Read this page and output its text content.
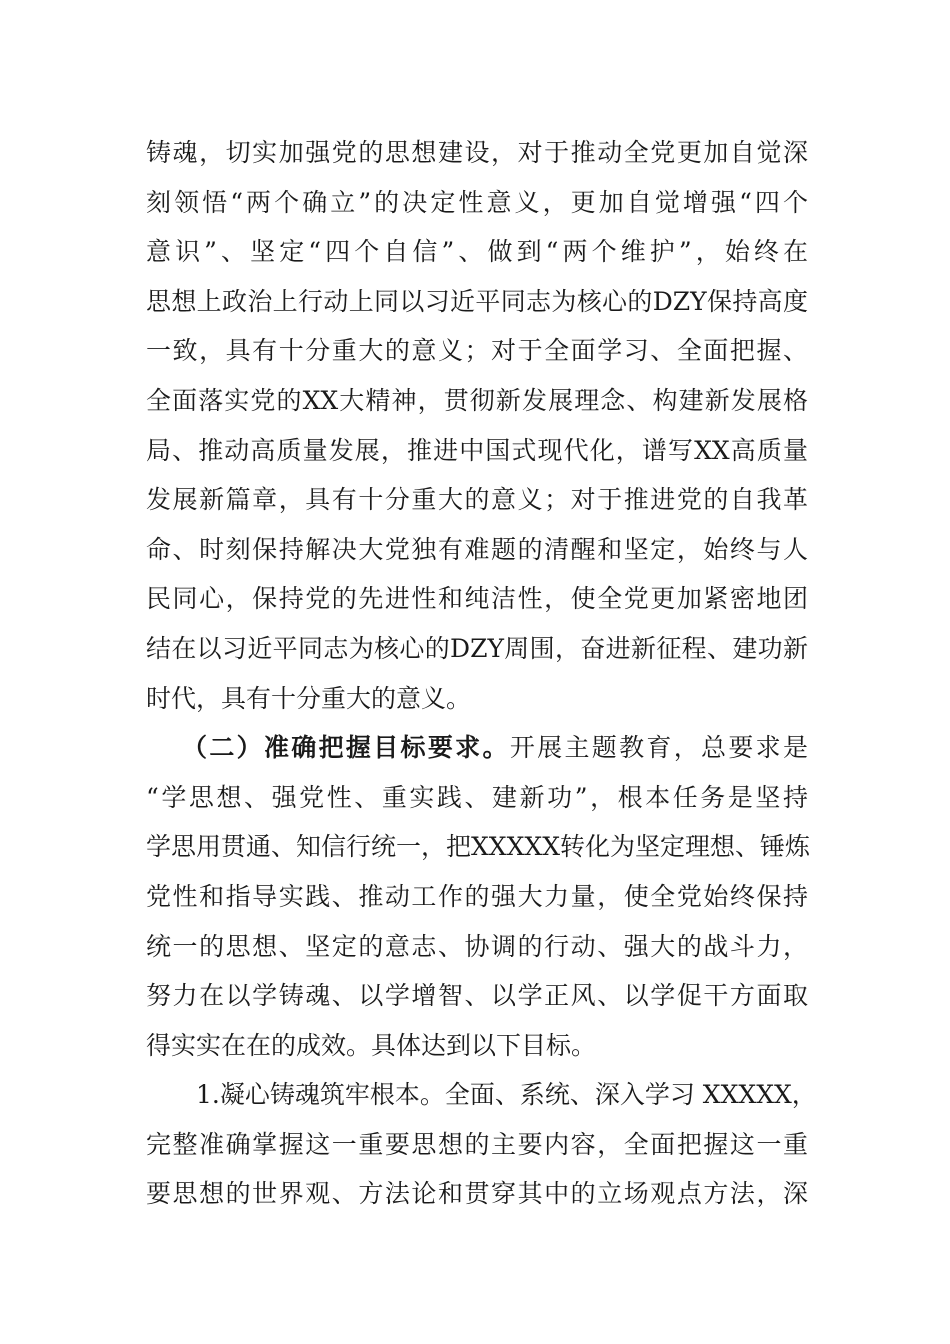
铸魂，切实加强党的思想建设，对于推动全党更加自觉深
刻领悟“两个确立”的决定性意义，更加自觉增强“四个
意识”、坚定“四个自信”、做到“两个维护”，始终在
思想上政治上行动上同以习近平同志为核心的DZY保持高度
一致，具有十分重大的意义；对于全面学习、全面把握、
全面落实党的XX大精神，贯彻新发展理念、构建新发展格
局、推动高质量发展，推进中国式现代化，谱写XX高质量
发展新篇章，具有十分重大的意义；对于推进党的自我革
命、时刻保持解决大党独有难题的清醒和坚定，始终与人
民同心，保持党的先进性和纯洁性，使全党更加紧密地团
结在以习近平同志为核心的DZY周围，奋进新征程、建功新
时代，具有十分重大的意义。
（二）准确把握目标要求。开展主题教育，总要求是
“学思想、强党性、重实践、建新功”，根本任务是坚持
学思用贯通、知信行统一，把XXXXX转化为坚定理想、锤炼
党性和指导实践、推动工作的强大力量，使全党始终保持
统一的思想、坚定的意志、协调的行动、强大的战斗力，
努力在以学铸魂、以学增智、以学正风、以学促干方面取
得实实在在的成效。具体达到以下目标。
1.凝心铸魂筑牢根本。全面、系统、深入学习 XXXXX，
完整准确掌握这一重要思想的主要内容，全面把握这一重
要思想的世界观、方法论和贯穿其中的立场观点方法，深
